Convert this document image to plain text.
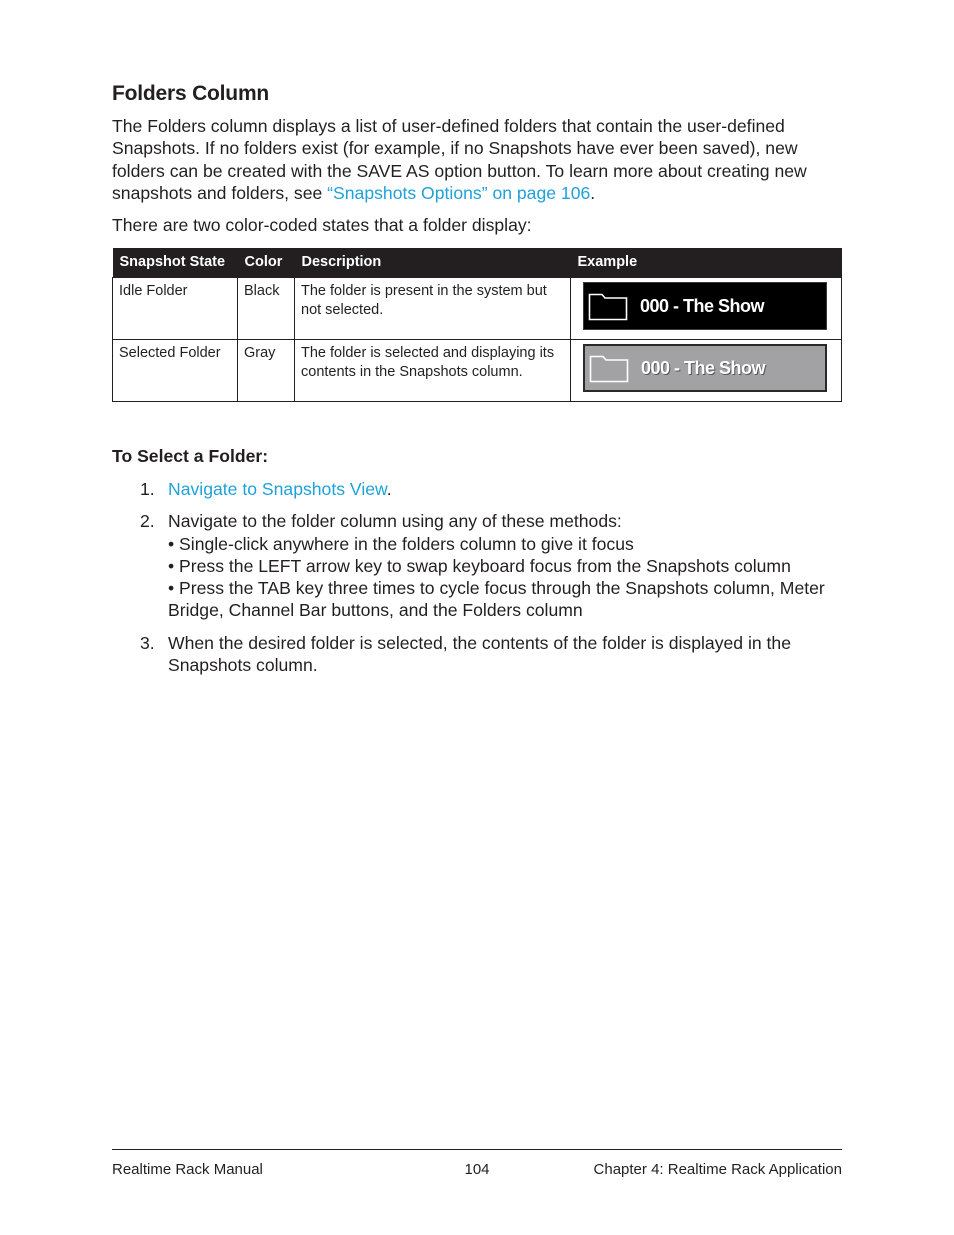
Folders Column

The Folders column displays a list of user-defined folders that contain the user-defined Snapshots. If no folders exist (for example, if no Snapshots have ever been saved), new folders can be created with the SAVE AS option button. To learn more about creating new snapshots and folders, see “Snapshots Options” on page 106.

There are two color-coded states that a folder display:

Snapshot State	Color	Description	Example
Idle Folder	Black	The folder is present in the system but not selected.	000 - The Show

Selected Folder	Gray	The folder is selected and displaying its contents in the Snapshots column.	000 - The Show
To Select a Folder:
1. Navigate to Snapshots View.
2. Navigate to the folder column using any of these methods:
• Single-click anywhere in the folders column to give it focus
• Press the LEFT arrow key to swap keyboard focus from the Snapshots column
• Press the TAB key three times to cycle focus through the Snapshots column, Meter Bridge, Channel Bar buttons, and the Folders column
3. When the desired folder is selected, the contents of the folder is displayed in the Snapshots column.
Realtime Rack Manual	104	Chapter 4: Realtime Rack Application
